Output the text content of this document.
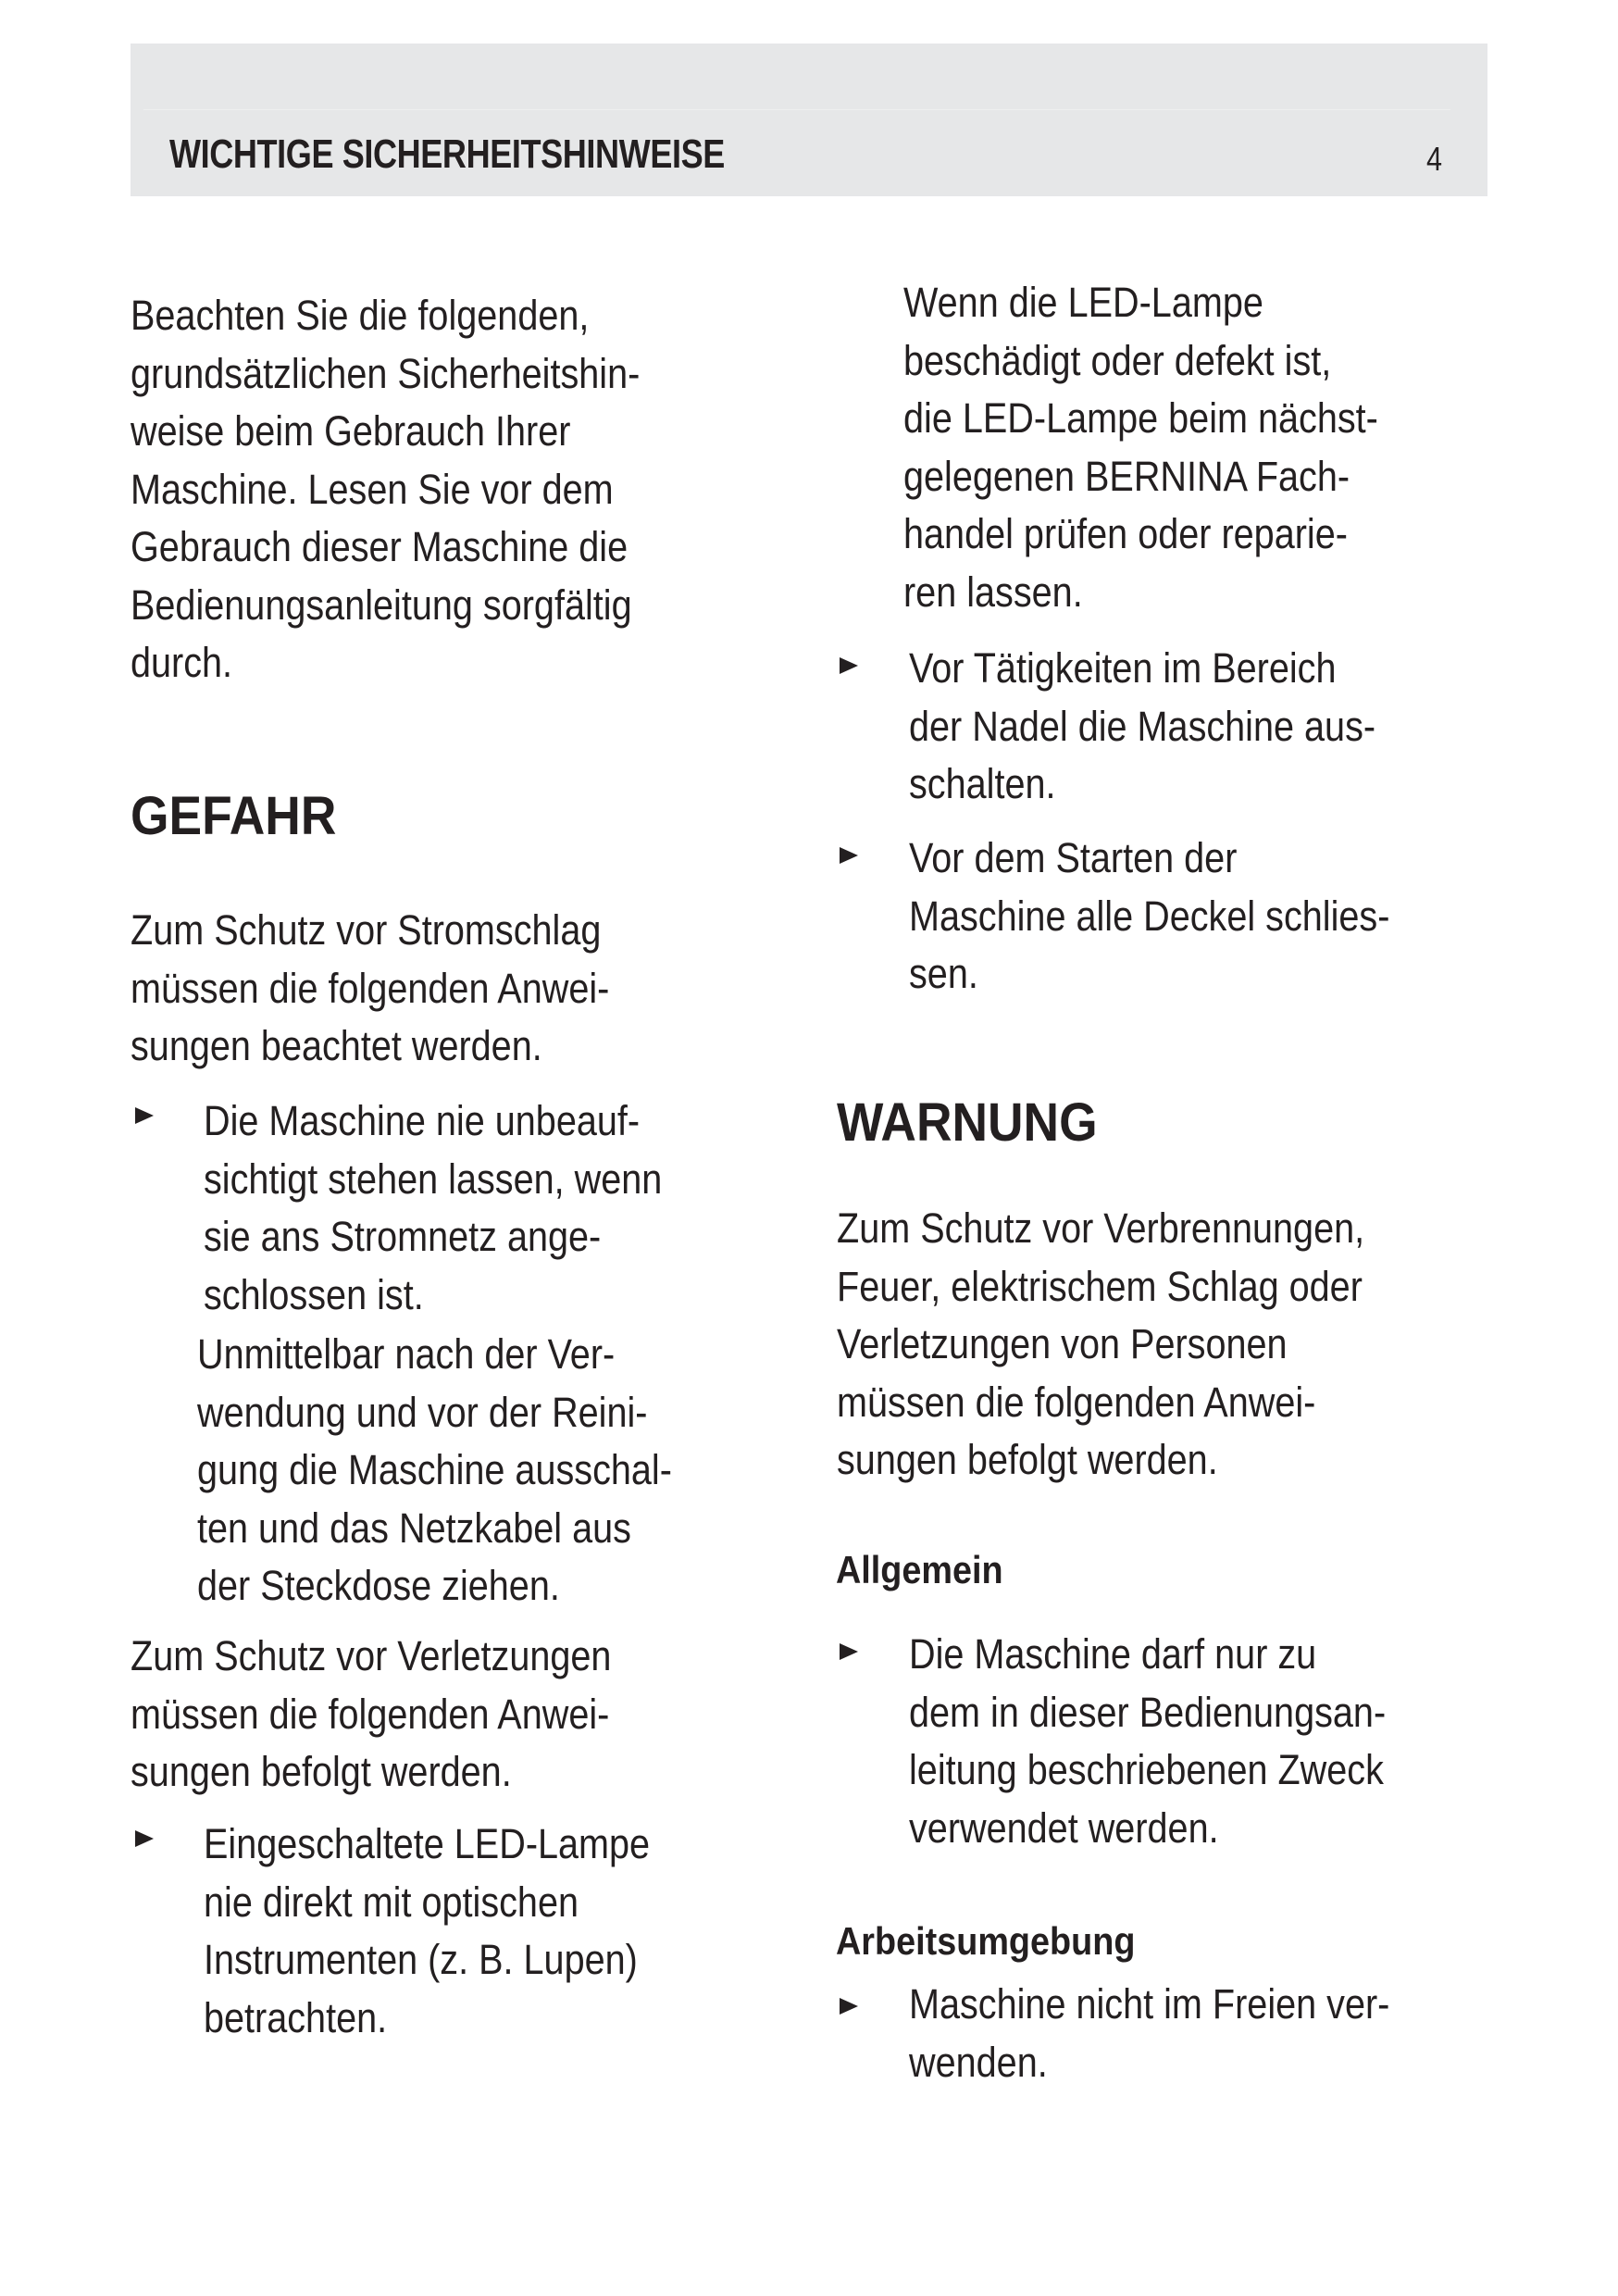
WICHTIGE SICHERHEITSHINWEISE	4
Beachten Sie die folgenden,
grundsätzlichen Sicherheitshin-
weise beim Gebrauch Ihrer
Maschine. Lesen Sie vor dem
Gebrauch dieser Maschine die
Bedienungsanleitung sorgfältig
durch.
GEFAHR
Zum Schutz vor Stromschlag
müssen die folgenden Anwei-
sungen beachtet werden.
Die Maschine nie unbeauf-
sichtigt stehen lassen, wenn
sie ans Stromnetz ange-
schlossen ist.
Unmittelbar nach der Ver-
wendung und vor der Reini-
gung die Maschine ausschal-
ten und das Netzkabel aus
der Steckdose ziehen.
Zum Schutz vor Verletzungen
müssen die folgenden Anwei-
sungen befolgt werden.
Eingeschaltete LED-Lampe
nie direkt mit optischen
Instrumenten (z. B. Lupen)
betrachten.
Wenn die LED-Lampe
beschädigt oder defekt ist,
die LED-Lampe beim nächst-
gelegenen BERNINA Fach-
handel prüfen oder reparie-
ren lassen.
Vor Tätigkeiten im Bereich
der Nadel die Maschine aus-
schalten.
Vor dem Starten der
Maschine alle Deckel schlies-
sen.
WARNUNG
Zum Schutz vor Verbrennungen,
Feuer, elektrischem Schlag oder
Verletzungen von Personen
müssen die folgenden Anwei-
sungen befolgt werden.
Allgemein
Die Maschine darf nur zu
dem in dieser Bedienungsan-
leitung beschriebenen Zweck
verwendet werden.
Arbeitsumgebung
Maschine nicht im Freien ver-
wenden.
